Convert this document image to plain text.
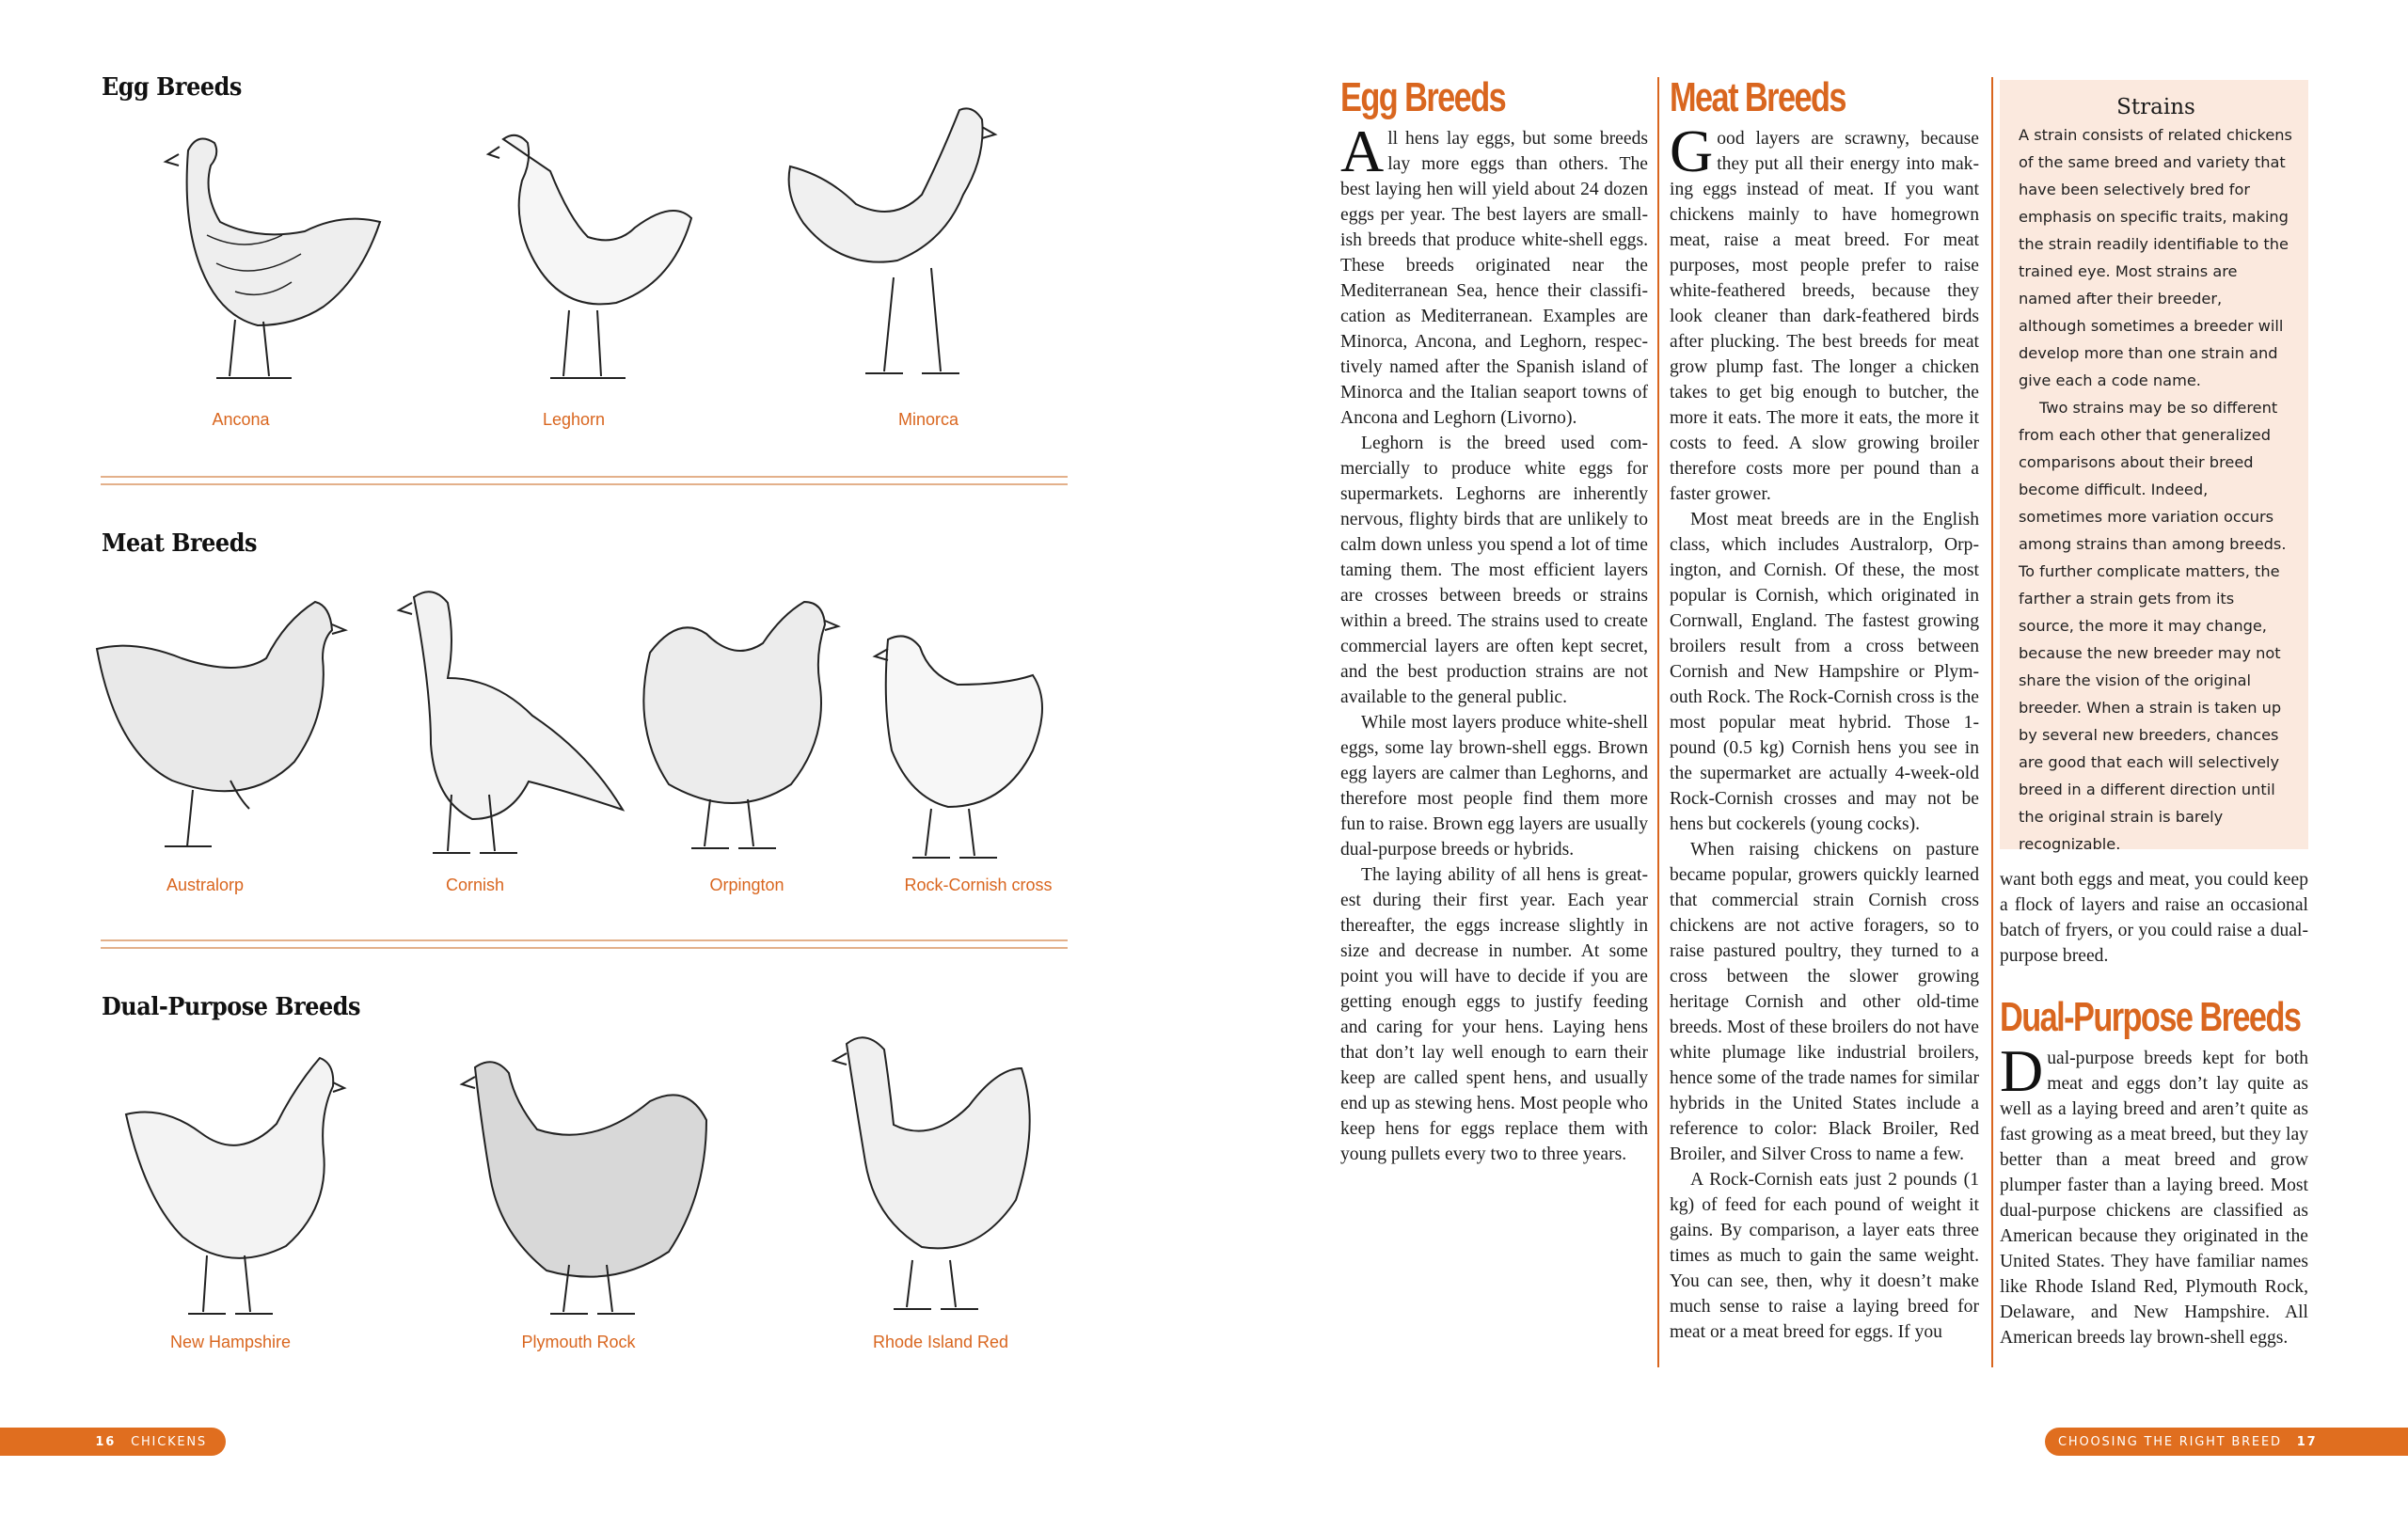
Egg Breeds
Ancona	Leghorn	Minorca
Meat Breeds
Australorp	Cornish	Orpington	Rock-Cornish cross
Dual-Purpose Breeds
New Hampshire	Plymouth Rock	Rhode Island Red
16 CHICKENS
Egg Breeds

All hens lay eggs, but some breeds lay more eggs than others. The best laying hen will yield about 24 dozen eggs per year. The best layers are smallish breeds that produce white-shell eggs. These breeds originated near the Mediterranean Sea, hence their classification as Mediterranean. Examples are Minorca, Ancona, and Leghorn, respectively named after the Spanish island of Minorca and the Italian seaport towns of Ancona and Leghorn (Livorno).

Leghorn is the breed used commercially to produce white eggs for supermarkets. Leghorns are inherently nervous, flighty birds that are unlikely to calm down unless you spend a lot of time taming them. The most efficient layers are crosses between breeds or strains within a breed. The strains used to create commercial layers are often kept secret, and the best production strains are not available to the general public.

While most layers produce white-shell eggs, some lay brown-shell eggs. Brown egg layers are calmer than Leghorns, and therefore most people find them more fun to raise. Brown egg layers are usually dual-purpose breeds or hybrids.

The laying ability of all hens is greatest during their first year. Each year thereafter, the eggs increase slightly in size and decrease in number. At some point you will have to decide if you are getting enough eggs to justify feeding and caring for your hens. Laying hens that don’t lay well enough to earn their keep are called spent hens, and usually end up as stewing hens. Most people who keep hens for eggs replace them with young pullets every two to three years.

Meat Breeds

Good layers are scrawny, because they put all their energy into making eggs instead of meat. If you want chickens mainly to have homegrown meat, raise a meat breed. For meat purposes, most people prefer to raise white-feathered breeds, because they look cleaner than dark-feathered birds after plucking. The best breeds for meat grow plump fast. The longer a chicken takes to get big enough to butcher, the more it eats. The more it eats, the more it costs to feed. A slow growing broiler therefore costs more per pound than a faster grower.

Most meat breeds are in the English class, which includes Australorp, Orpington, and Cornish. Of these, the most popular is Cornish, which originated in Cornwall, England. The fastest growing broilers result from a cross between Cornish and New Hampshire or Plymouth Rock. The Rock-Cornish cross is the most popular meat hybrid. Those 1-pound (0.5 kg) Cornish hens you see in the supermarket are actually 4-week-old Rock-Cornish crosses and may not be hens but cockerels (young cocks).

When raising chickens on pasture became popular, growers quickly learned that commercial strain Cornish cross chickens are not active foragers, so to raise pastured poultry, they turned to a cross between the slower growing heritage Cornish and other old-time breeds. Most of these broilers do not have white plumage like industrial broilers, hence some of the trade names for similar hybrids in the United States include a reference to color: Black Broiler, Red Broiler, and Silver Cross to name a few.

A Rock-Cornish eats just 2 pounds (1 kg) of feed for each pound of weight it gains. By comparison, a layer eats three times as much to gain the same weight. You can see, then, why it doesn’t make much sense to raise a laying breed for meat or a meat breed for eggs. If you

Strains

A strain consists of related chickens of the same breed and variety that have been selectively bred for emphasis on specific traits, making the strain readily identifiable to the trained eye. Most strains are named after their breeder, although sometimes a breeder will develop more than one strain and give each a code name.

Two strains may be so different from each other that generalized comparisons about their breed become difficult. Indeed, sometimes more variation occurs among strains than among breeds. To further complicate matters, the farther a strain gets from its source, the more it may change, because the new breeder may not share the vision of the original breeder. When a strain is taken up by several new breeders, chances are good that each will selectively breed in a different direction until the original strain is barely recognizable.

want both eggs and meat, you could keep a flock of layers and raise an occasional batch of fryers, or you could raise a dual-purpose breed.

Dual-Purpose Breeds

Dual-purpose breeds kept for both meat and eggs don’t lay quite as well as a laying breed and aren’t quite as fast growing as a meat breed, but they lay better than a meat breed and grow plumper faster than a laying breed. Most dual-purpose chickens are classified as American because they originated in the United States. They have familiar names like Rhode Island Red, Plymouth Rock, Delaware, and New Hampshire. All American breeds lay brown-shell eggs.

CHOOSING THE RIGHT BREED 17
